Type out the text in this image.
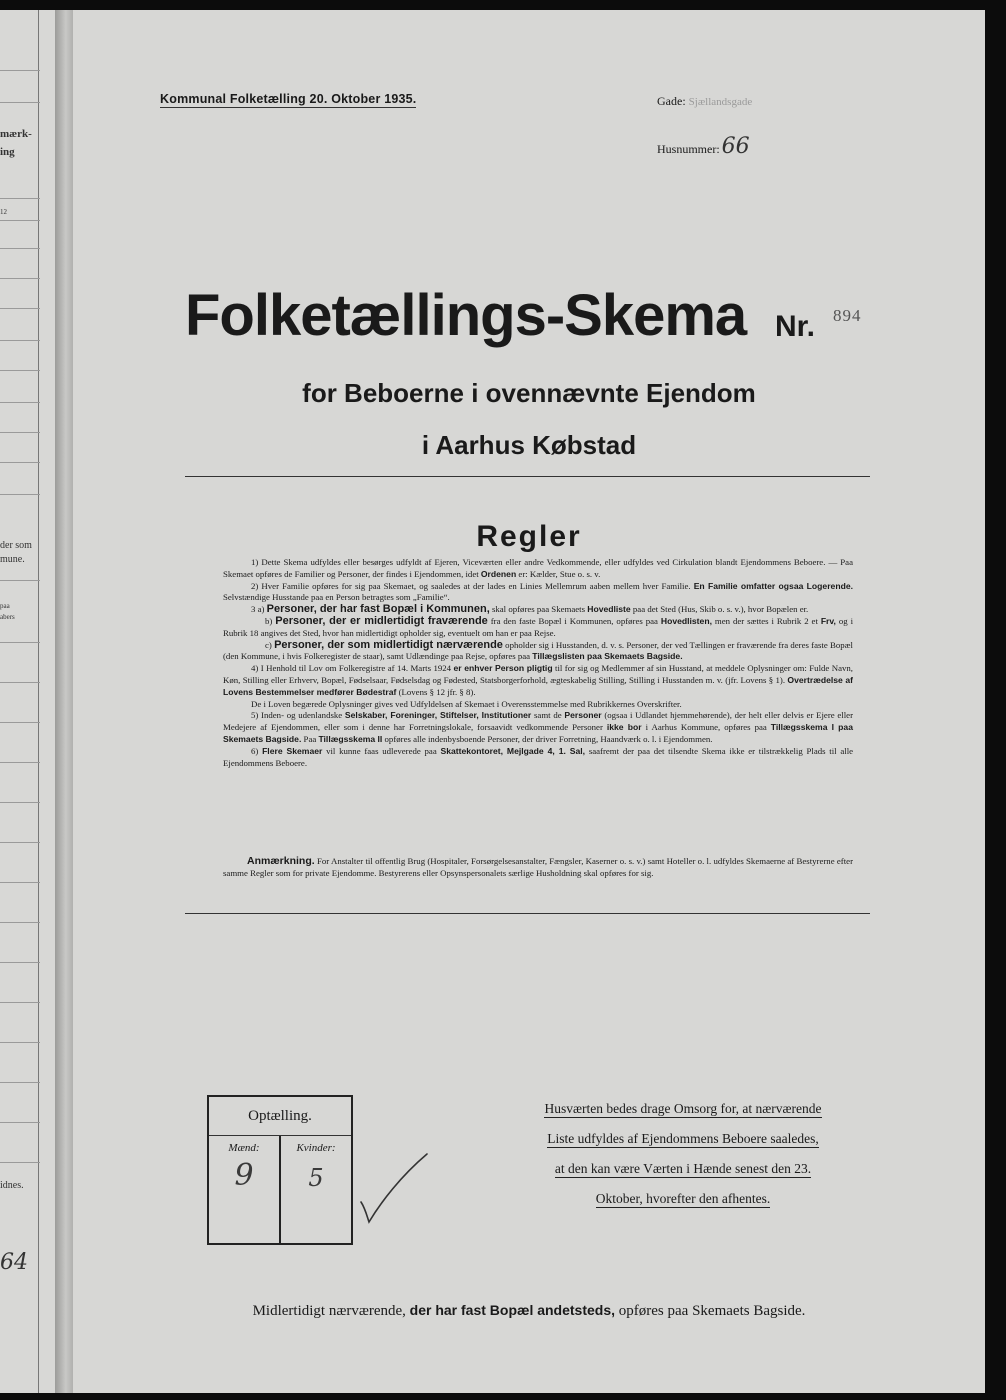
mærk-
ing
12
der som
mune.
paa
abers
idnes.
64
Kommunal Folketælling 20. Oktober 1935.	Gade: Sjællandsgade
Husnummer:66
Folketællings-Skema Nr. 894
for Beboerne i ovennævnte Ejendom
i Aarhus Købstad
Regler

1) Dette Skema udfyldes eller besørges udfyldt af Ejeren, Viceværten eller andre Vedkommende, eller udfyldes ved Cirkulation blandt Ejendommens Beboere. — Paa Skemaet opføres de Familier og Personer, der findes i Ejendommen, idet Ordenen er: Kælder, Stue o. s. v.

2) Hver Familie opføres for sig paa Skemaet, og saaledes at der lades en Linies Mellemrum aaben mellem hver Familie. En Familie omfatter ogsaa Logerende. Selvstændige Husstande paa en Person betragtes som „Familie“.

3 a) Personer, der har fast Bopæl i Kommunen, skal opføres paa Skemaets Hovedliste paa det Sted (Hus, Skib o. s. v.), hvor Bopælen er.

b) Personer, der er midlertidigt fraværende fra den faste Bopæl i Kommunen, opføres paa Hovedlisten, men der sættes i Rubrik 2 et Frv, og i Rubrik 18 angives det Sted, hvor han midlertidigt opholder sig, eventuelt om han er paa Rejse.

c) Personer, der som midlertidigt nærværende opholder sig i Husstanden, d. v. s. Personer, der ved Tællingen er fraværende fra deres faste Bopæl (den Kommune, i hvis Folkeregister de staar), samt Udlændinge paa Rejse, opføres paa Tillægslisten paa Skemaets Bagside.

4) I Henhold til Lov om Folkeregistre af 14. Marts 1924 er enhver Person pligtig til for sig og Medlemmer af sin Husstand, at meddele Oplysninger om: Fulde Navn, Køn, Stilling eller Erhverv, Bopæl, Fødselsaar, Fødselsdag og Fødested, Statsborgerforhold, ægteskabelig Stilling, Stilling i Husstanden m. v. (jfr. Lovens § 1). Overtrædelse af Lovens Bestemmelser medfører Bødestraf (Lovens § 12 jfr. § 8).

De i Loven begærede Oplysninger gives ved Udfyldelsen af Skemaet i Overensstemmelse med Rubrikkernes Overskrifter.

5) Inden- og udenlandske Selskaber, Foreninger, Stiftelser, Institutioner samt de Personer (ogsaa i Udlandet hjemmehørende), der helt eller delvis er Ejere eller Medejere af Ejendommen, eller som i denne har Forretningslokale, forsaavidt vedkommende Personer ikke bor i Aarhus Kommune, opføres paa Tillægsskema I paa Skemaets Bagside. Paa Tillægsskema II opføres alle indenbysboende Personer, der driver Forretning, Haandværk o. l. i Ejendommen.

6) Flere Skemaer vil kunne faas udleverede paa Skattekontoret, Mejlgade 4, 1. Sal, saafremt der paa det tilsendte Skema ikke er tilstrækkelig Plads til alle Ejendommens Beboere.

Anmærkning. For Anstalter til offentlig Brug (Hospitaler, Forsørgelsesanstalter, Fængsler, Kaserner o. s. v.) samt Hoteller o. l. udfyldes Skemaerne af Bestyrerne efter samme Regler som for private Ejendomme. Bestyrerens eller Opsynspersonalets særlige Husholdning skal opføres for sig.
Optælling.
Mænd:
9
Kvinder:
5
Husværten bedes drage Omsorg for, at nærværende
Liste udfyldes af Ejendommens Beboere saaledes,
at den kan være Værten i Hænde senest den 23.
Oktober, hvorefter den afhentes.
Midlertidigt nærværende, der har fast Bopæl andetsteds, opføres paa Skemaets Bagside.
